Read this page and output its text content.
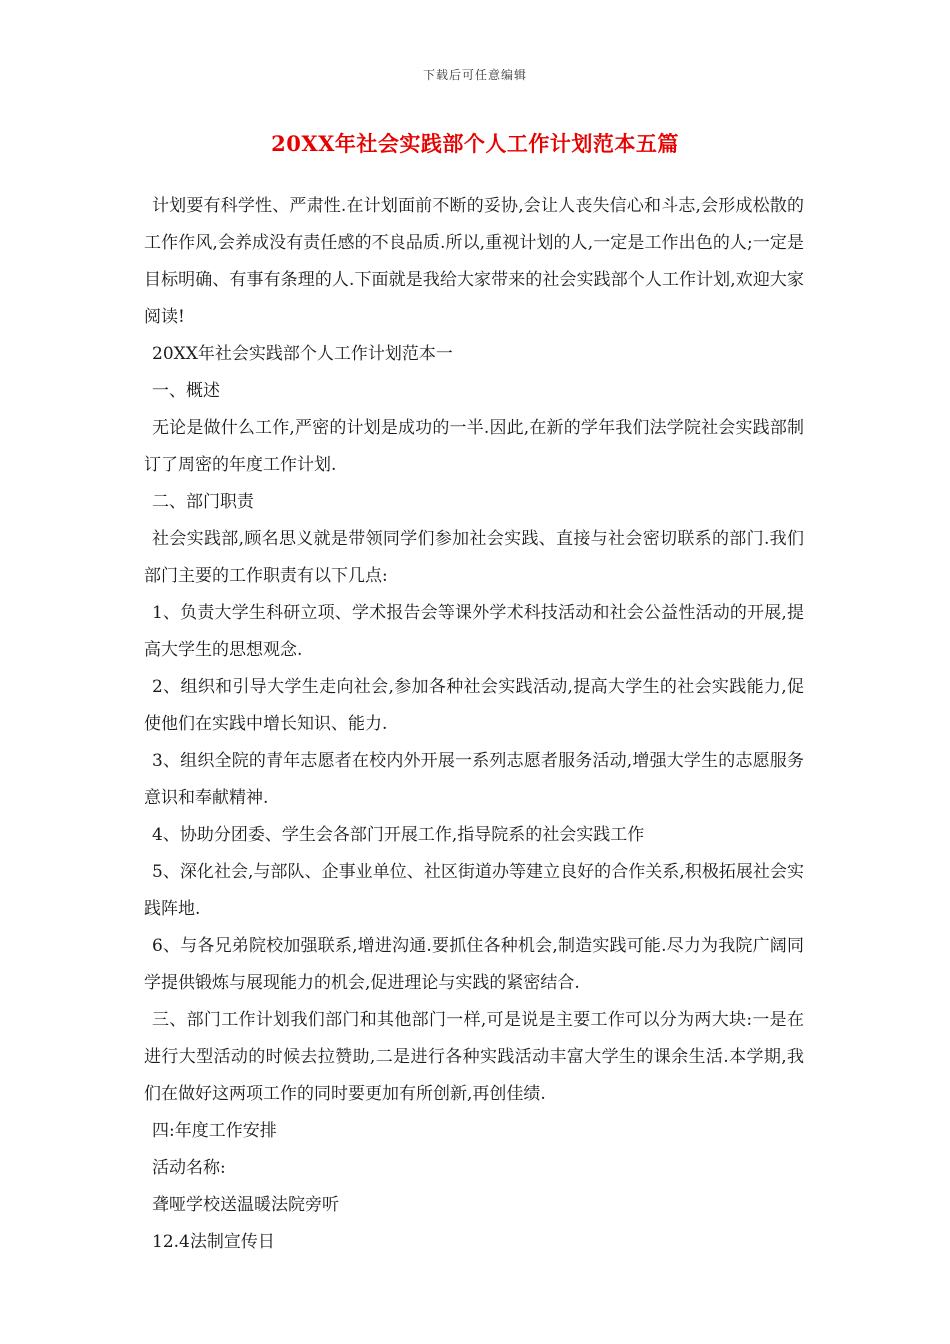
下载后可任意编辑
20XX年社会实践部个人工作计划范本五篇

计划要有科学性、严肃性.在计划面前不断的妥协,会让人丧失信心和斗志,会形成松散的工作作风,会养成没有责任感的不良品质.所以,重视计划的人,一定是工作出色的人;一定是目标明确、有事有条理的人.下面就是我给大家带来的社会实践部个人工作计划,欢迎大家阅读!

20XX年社会实践部个人工作计划范本一

一、概述

无论是做什么工作,严密的计划是成功的一半.因此,在新的学年我们法学院社会实践部制订了周密的年度工作计划.

二、部门职责

社会实践部,顾名思义就是带领同学们参加社会实践、直接与社会密切联系的部门.我们部门主要的工作职责有以下几点:

1、负责大学生科研立项、学术报告会等课外学术科技活动和社会公益性活动的开展,提高大学生的思想观念.

2、组织和引导大学生走向社会,参加各种社会实践活动,提高大学生的社会实践能力,促使他们在实践中增长知识、能力.

3、组织全院的青年志愿者在校内外开展一系列志愿者服务活动,增强大学生的志愿服务意识和奉献精神.

4、协助分团委、学生会各部门开展工作,指导院系的社会实践工作

5、深化社会,与部队、企事业单位、社区街道办等建立良好的合作关系,积极拓展社会实践阵地.

6、与各兄弟院校加强联系,增进沟通.要抓住各种机会,制造实践可能.尽力为我院广阔同学提供锻炼与展现能力的机会,促进理论与实践的紧密结合.

三、部门工作计划我们部门和其他部门一样,可是说是主要工作可以分为两大块:一是在进行大型活动的时候去拉赞助,二是进行各种实践活动丰富大学生的课余生活.本学期,我们在做好这两项工作的同时要更加有所创新,再创佳绩.

四:年度工作安排

活动名称:

聋哑学校送温暖法院旁听

12.4法制宣传日
